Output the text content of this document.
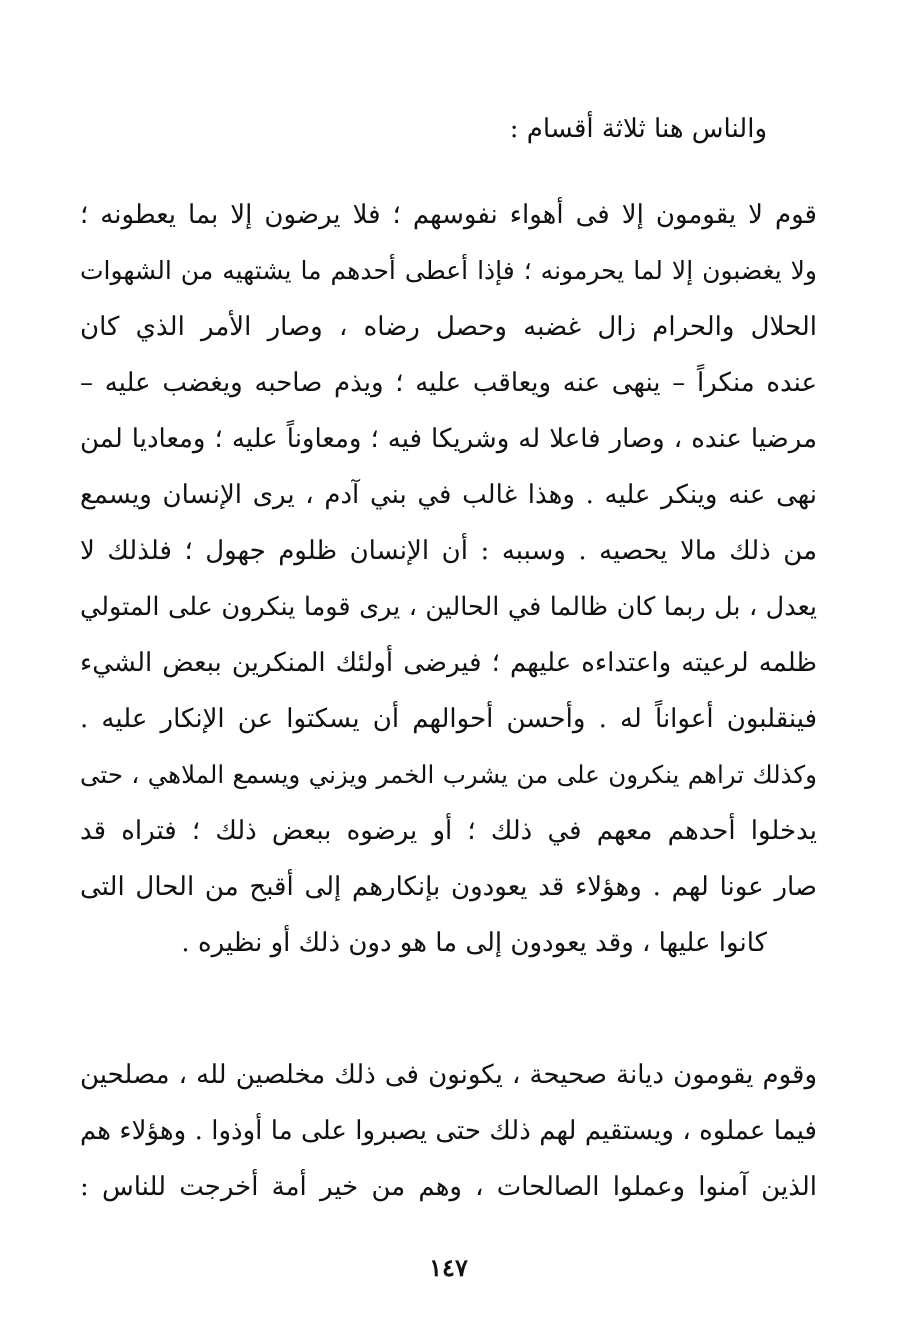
والناس هنا ثلاثة أقسام :
قوم لا يقومون إلا فى أهواء نفوسهم ؛ فلا يرضون إلا بما يعطونه ؛
ولا يغضبون إلا لما يحرمونه ؛ فإذا أعطى أحدهم ما يشتهيه من الشهوات
الحلال والحرام زال غضبه وحصل رضاه ، وصار الأمر الذي كان
عنده منكراً – ينهى عنه ويعاقب عليه ؛ ويذم صاحبه ويغضب عليه –
مرضيا عنده ، وصار فاعلا له وشريكا فيه ؛ ومعاوناً عليه ؛ ومعاديا لمن
نهى عنه وينكر عليه . وهذا غالب في بني آدم ، يرى الإنسان ويسمع
من ذلك مالا يحصيه . وسببه : أن الإنسان ظلوم جهول ؛ فلذلك لا
يعدل ، بل ربما كان ظالما في الحالين ، يرى قوما ينكرون على المتولي
ظلمه لرعيته واعتداءه عليهم ؛ فيرضى أولئك المنكرين ببعض الشيء
فينقلبون أعواناً له . وأحسن أحوالهم أن يسكتوا عن الإنكار عليه .
وكذلك تراهم ينكرون على من يشرب الخمر ويزني ويسمع الملاهي ، حتى
يدخلوا أحدهم معهم في ذلك ؛ أو يرضوه ببعض ذلك ؛ فتراه قد
صار عونا لهم . وهؤلاء قد يعودون بإنكارهم إلى أقبح من الحال التى
كانوا عليها ، وقد يعودون إلى ما هو دون ذلك أو نظيره .
وقوم يقومون ديانة صحيحة ، يكونون فى ذلك مخلصين لله ، مصلحين
فيما عملوه ، ويستقيم لهم ذلك حتى يصبروا على ما أوذوا . وهؤلاء هم
الذين آمنوا وعملوا الصالحات ، وهم من خير أمة أخرجت للناس :
١٤٧
